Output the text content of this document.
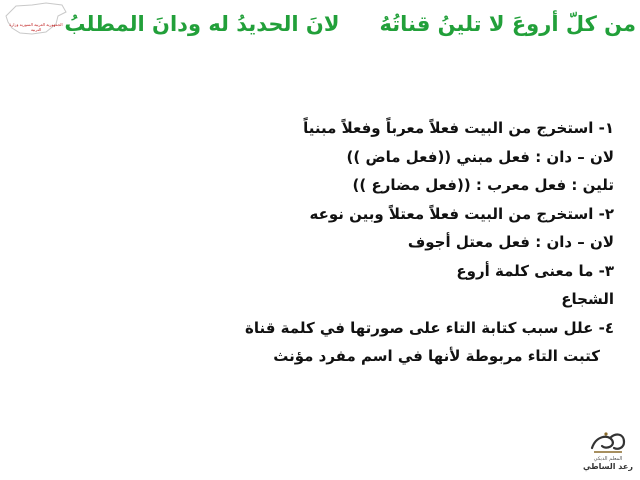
الجمهورية العربية السورية وزارة التربية	من كلّ أروعَ لا تلينُ قناتُهُلانَ الحديدُ له ودانَ المطلبُ
١- استخرج من البيت فعلاً معرباً وفعلاً مبنياً
لان – دان : فعل مبني ((فعل ماض ))
تلين : فعل معرب : ((فعل مضارع ))
٢- استخرج من البيت فعلاً معتلاً وبين نوعه
لان – دان : فعل معتل أجوف
٣- ما معنى كلمة أروع
الشجاع
٤- علل سبب كتابة التاء على صورتها في كلمة قناة
كتبت التاء مربوطة لأنها في اسم مفرد مؤنث
المعلم الديكي
رعد الساطي
